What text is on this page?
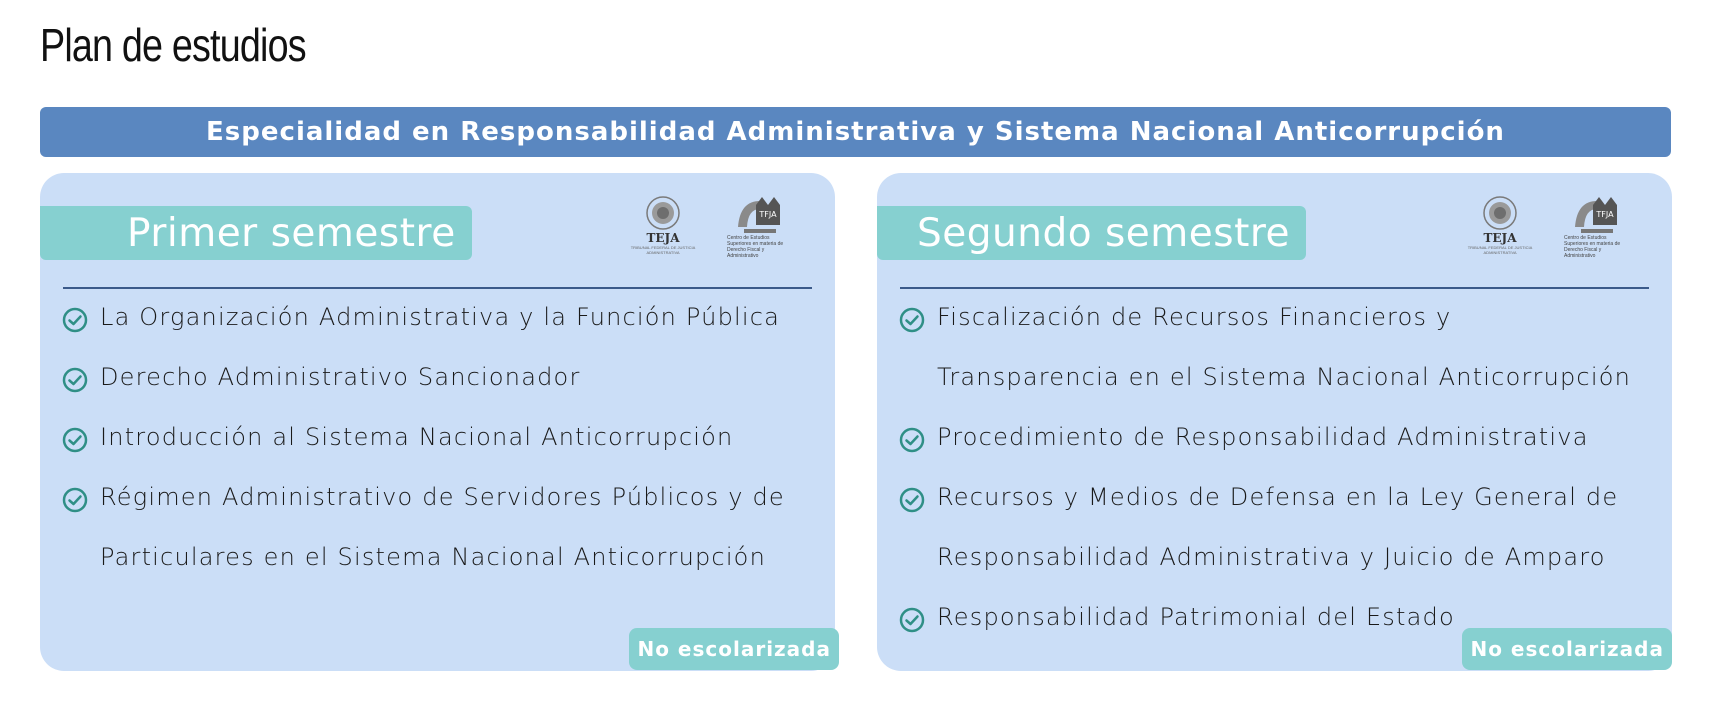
Plan de estudios
Especialidad en Responsabilidad Administrativa y Sistema Nacional Anticorrupción
Primer semestre	TEJA
TRIBUNAL FEDERAL DE JUSTICIA ADMINISTRATIVA
TFJA
Centro de Estudios Superiores en materia de Derecho Fiscal y Administrativo
La Organización Administrativa y la Función Pública
Derecho Administrativo Sancionador
Introducción al Sistema Nacional Anticorrupción
Régimen Administrativo de Servidores Públicos y de Particulares en el Sistema Nacional Anticorrupción
No escolarizada
Segundo semestre	TEJA
TRIBUNAL FEDERAL DE JUSTICIA ADMINISTRATIVA
TFJA
Centro de Estudios Superiores en materia de Derecho Fiscal y Administrativo
Fiscalización de Recursos Financieros y Transparencia en el Sistema Nacional Anticorrupción
Procedimiento de Responsabilidad Administrativa
Recursos y Medios de Defensa en la Ley General de Responsabilidad Administrativa y Juicio de Amparo
Responsabilidad Patrimonial del Estado
No escolarizada
